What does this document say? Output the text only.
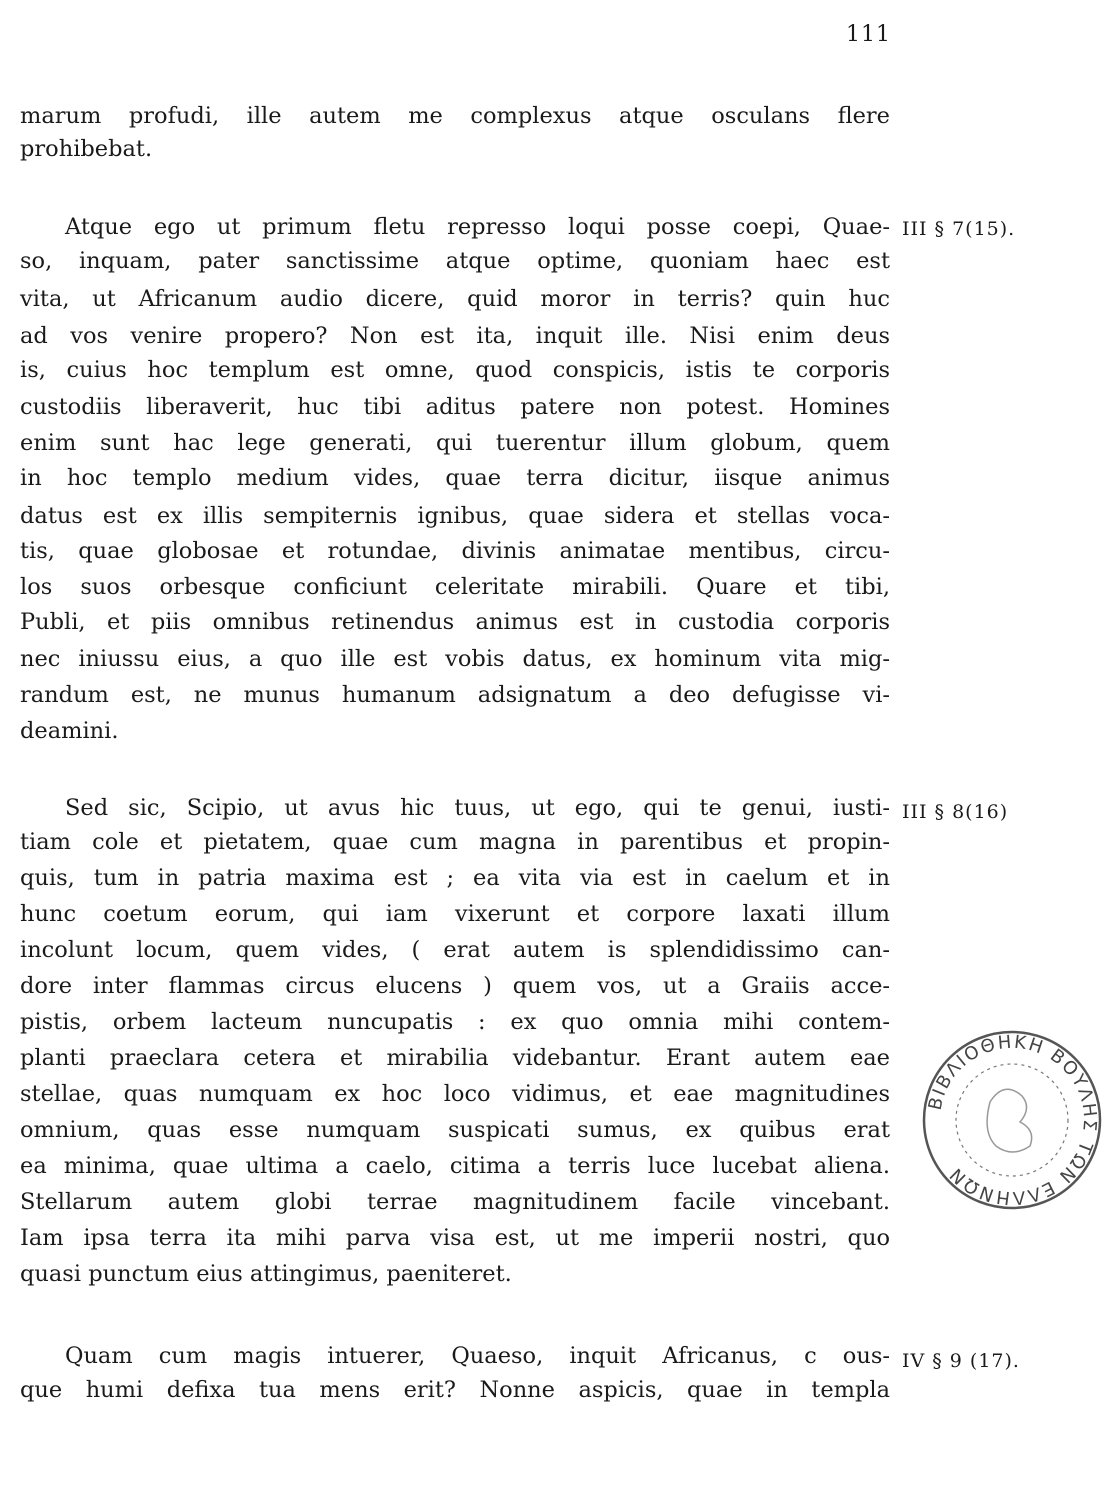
111
marum profudi, ille autem me complexus atque osculans flere
prohibebat.
III § 7(15).
Atque ego ut primum fletu represso loqui posse coepi, Quae-
so, inquam, pater sanctissime atque optime, quoniam haec est
vita, ut Africanum audio dicere, quid moror in terris? quin huc
ad vos venire propero? Non est ita, inquit ille. Nisi enim deus
is, cuius hoc templum est omne, quod conspicis, istis te corporis
custodiis liberaverit, huc tibi aditus patere non potest. Homines
enim sunt hac lege generati, qui tuerentur illum globum, quem
in hoc templo medium vides, quae terra dicitur, iisque animus
datus est ex illis sempiternis ignibus, quae sidera et stellas voca-
tis, quae globosae et rotundae, divinis animatae mentibus, circu-
los suos orbesque conficiunt celeritate mirabili. Quare et tibi,
Publi, et piis omnibus retinendus animus est in custodia corporis
nec iniussu eius, a quo ille est vobis datus, ex hominum vita mig-
randum est, ne munus humanum adsignatum a deo defugisse vi-
deamini.
III § 8(16)
Sed sic, Scipio, ut avus hic tuus, ut ego, qui te genui, iusti-
tiam cole et pietatem, quae cum magna in parentibus et propin-
quis, tum in patria maxima est ; ea vita via est in caelum et in
hunc coetum eorum, qui iam vixerunt et corpore laxati illum
incolunt locum, quem vides, ( erat autem is splendidissimo can-
dore inter flammas circus elucens ) quem vos, ut a Graiis acce-
pistis, orbem lacteum nuncupatis : ex quo omnia mihi contem-
planti praeclara cetera et mirabilia videbantur. Erant autem eae
stellae, quas numquam ex hoc loco vidimus, et eae magnitudines
omnium, quas esse numquam suspicati sumus, ex quibus erat
ea minima, quae ultima a caelo, citima a terris luce lucebat aliena.
Stellarum autem globi terrae magnitudinem facile vincebant.
Iam ipsa terra ita mihi parva visa est, ut me imperii nostri, quo
quasi punctum eius attingimus, paeniteret.
IV § 9 (17).
Quam cum magis intuerer, Quaeso, inquit Africanus, c ous-
que humi defixa tua mens erit? Nonne aspicis, quae in templa
ΒΙΒΛΙΟΘΗΚΗ ΒΟΥΛΗΣ ΤΩΝ ΕΛΛΗΝΩΝ
